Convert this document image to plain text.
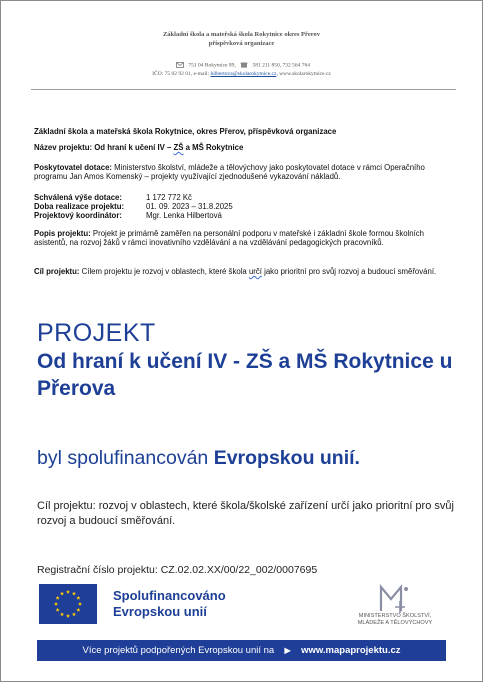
Základní škola a mateřská škola Rokytnice okres Přerov
příspěvková organizace
751 04 Rokytnice 89,	581 211 850, 732 564 764
IČO: 75 02 92 01, e-mail: hilbertova@skolarokytnice.cz, www.skolarokytnice.cz
Základní škola a mateřská škola Rokytnice, okres Přerov, příspěvková organizace
Název projektu: Od hraní k učení IV – ZŠ a MŠ Rokytnice
Poskytovatel dotace: Ministerstvo školství, mládeže a tělovýchovy jako poskytovatel dotace v rámci Operačního programu Jan Amos Komenský – projekty využívající zjednodušené vykazování nákladů.
Schválená výše dotace:	1 172 772 Kč
Doba realizace projektu:	01. 09. 2023 – 31.8.2025
Projektový koordinátor:	Mgr. Lenka Hilbertová
Popis projektu: Projekt je primárně zaměřen na personální podporu v mateřské i základní škole formou školních asistentů, na rozvoj žáků v rámci inovativního vzdělávání a na vzdělávání pedagogických pracovníků.
Cíl projektu: Cílem projektu je rozvoj v oblastech, které škola určí jako prioritní pro svůj rozvoj a budoucí směřování.
PROJEKT
Od hraní k učení IV - ZŠ a MŠ Rokytnice u Přerova
byl spolufinancován Evropskou unií.
Cíl projektu: rozvoj v oblastech, které škola/školské zařízení určí jako prioritní pro svůj rozvoj a budoucí směřování.
Registrační číslo projektu: CZ.02.02.XX/00/22_002/0007695
Spolufinancováno
Evropskou unií	MINISTERSTVO ŠKOLSTVÍ,
MLÁDEŽE A TĚLOVÝCHOVY
Více projektů podpořených Evropskou unií na ► www.mapaprojektu.cz
